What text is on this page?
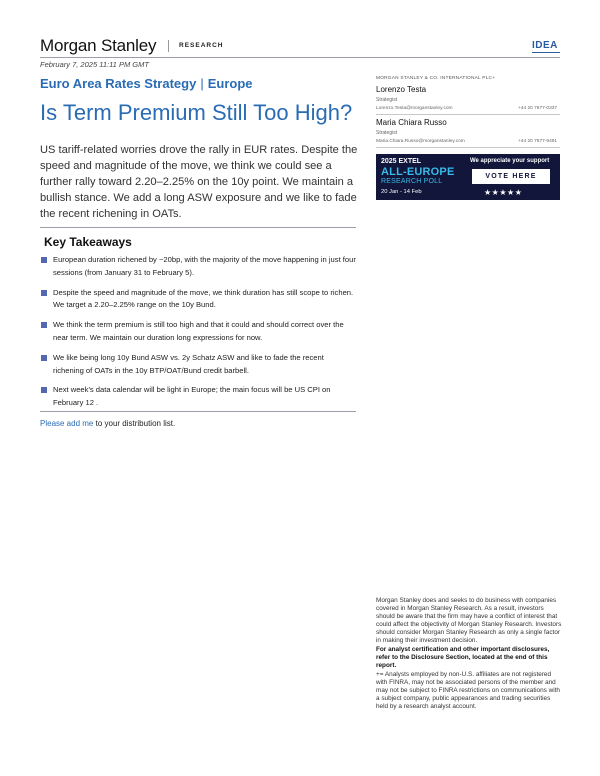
Morgan Stanley	RESEARCH	IDEA
February 7, 2025 11:11 PM GMT
Euro Area Rates Strategy | Europe
Is Term Premium Still Too High?

US tariff-related worries drove the rally in EUR rates. Despite the speed and magnitude of the move, we think we could see a further rally toward 2.20–2.25% on the 10y point. We maintain a bullish stance. We add a long ASW exposure and we like to fade the recent richening in OATs.

Key Takeaways
European duration richened by ~20bp, with the majority of the move happening in just four sessions (from January 31 to February 5).
Despite the speed and magnitude of the move, we think duration has still scope to richen. We target a 2.20–2.25% range on the 10y Bund.
We think the term premium is still too high and that it could and should correct over the near term. We maintain our duration long expressions for now.
We like being long 10y Bund ASW vs. 2y Schatz ASW and like to fade the recent richening of OATs in the 10y BTP/OAT/Bund credit barbell.
Next week's data calendar will be light in Europe; the main focus will be US CPI on February 12 .
Please add me to your distribution list.
MORGAN STANLEY & CO. INTERNATIONAL PLC+
Lorenzo Testa
Strategist
Lorenzo.Testa@morganstanley.com	+44 20 7677-0337
Maria Chiara Russo
Strategist
Maria.Chiara.Russo@morganstanley.com	+44 20 7677-9491
2025 EXTEL
ALL-EUROPE
RESEARCH POLL
20 Jan - 14 Feb
We appreciate your support
VOTE HERE
★★★★★

Morgan Stanley does and seeks to do business with companies covered in Morgan Stanley Research. As a result, investors should be aware that the firm may have a conflict of interest that could affect the objectivity of Morgan Stanley Research. Investors should consider Morgan Stanley Research as only a single factor in making their investment decision.

For analyst certification and other important disclosures, refer to the Disclosure Section, located at the end of this report.

+= Analysts employed by non-U.S. affiliates are not registered with FINRA, may not be associated persons of the member and may not be subject to FINRA restrictions on communications with a subject company, public appearances and trading securities held by a research analyst account.
